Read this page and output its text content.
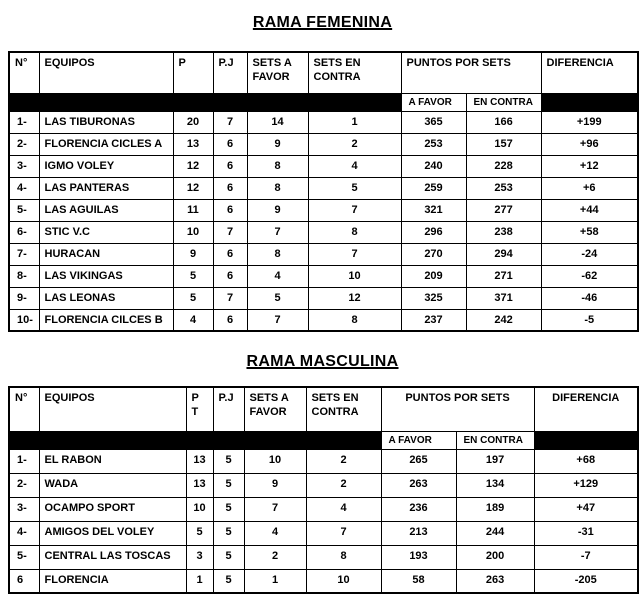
RAMA FEMENINA
N°	EQUIPOS	P	P.J	SETS A FAVOR	SETS EN CONTRA	PUNTOS POR SETS		DIFERENCIA
						A FAVOR	EN CONTRA	
1-	LAS TIBURONAS	20	7	14	1	365	166	+199
2-	FLORENCIA CICLES A	13	6	9	2	253	157	+96
3-	IGMO VOLEY	12	6	8	4	240	228	+12
4-	LAS PANTERAS	12	6	8	5	259	253	+6
5-	LAS AGUILAS	11	6	9	7	321	277	+44
6-	STIC V.C	10	7	7	8	296	238	+58
7-	HURACAN	9	6	8	7	270	294	-24
8-	LAS VIKINGAS	5	6	4	10	209	271	-62
9-	LAS LEONAS	5	7	5	12	325	371	-46
10-	FLORENCIA CILCES B	4	6	7	8	237	242	-5
RAMA MASCULINA
N°	EQUIPOS	P T	P.J	SETS A FAVOR	SETS EN CONTRA	PUNTOS POR SETS		DIFERENCIA
						A FAVOR	EN CONTRA	
1-	EL RABON	13	5	10	2	265	197	+68
2-	WADA	13	5	9	2	263	134	+129
3-	OCAMPO SPORT	10	5	7	4	236	189	+47
4-	AMIGOS DEL VOLEY	5	5	4	7	213	244	-31
5-	CENTRAL LAS TOSCAS	3	5	2	8	193	200	-7
6	FLORENCIA	1	5	1	10	58	263	-205
